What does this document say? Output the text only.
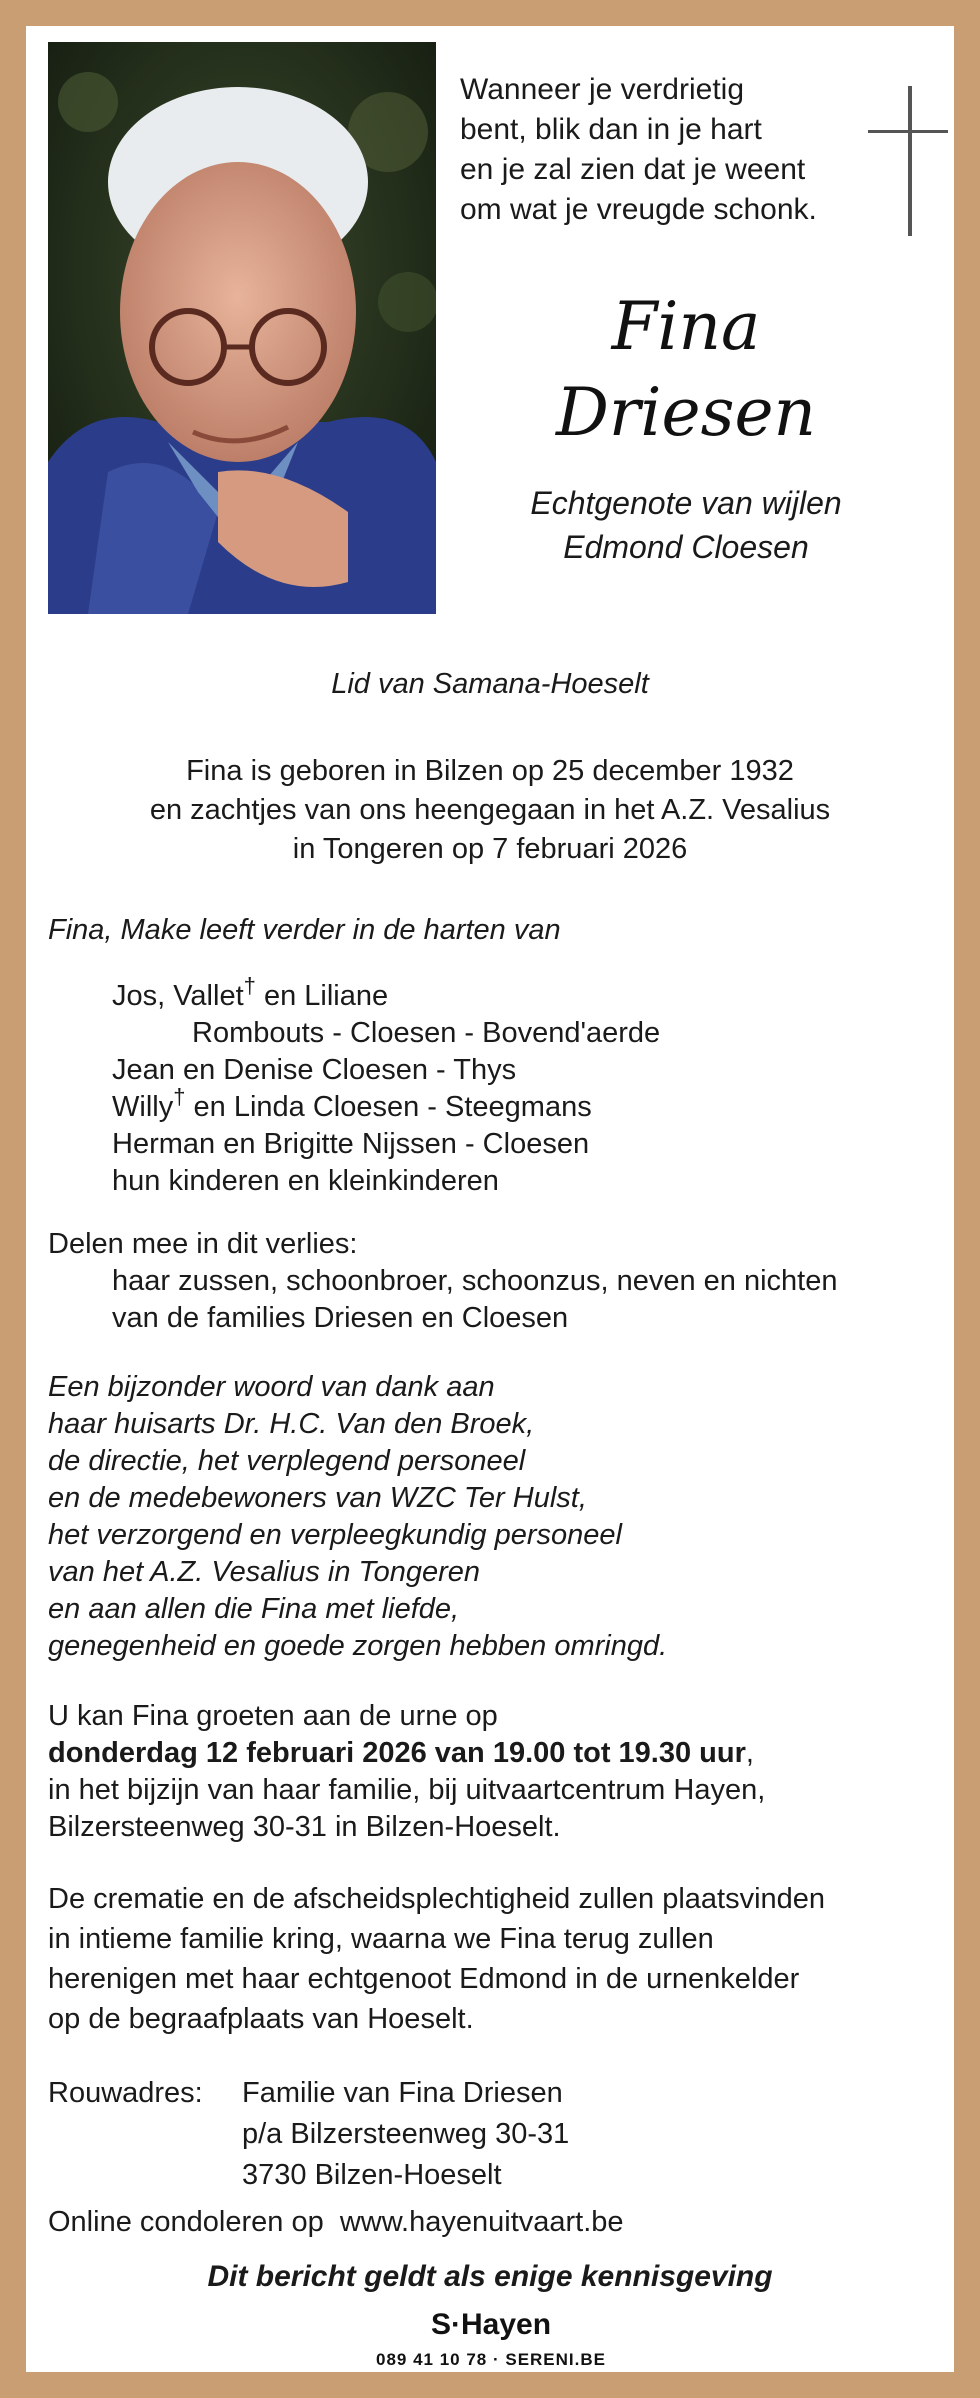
Wanneer je verdrietig
bent, blik dan in je hart
en je zal zien dat je weent
om wat je vreugde schonk.
Fina
Driesen
Echtgenote van wijlen
Edmond Cloesen
Lid van Samana-Hoeselt
Fina is geboren in Bilzen op 25 december 1932
en zachtjes van ons heengegaan in het A.Z. Vesalius
in Tongeren op 7 februari 2026
Fina, Make leeft verder in de harten van
Jos, Vallet† en Liliane
Rombouts - Cloesen - Bovend'aerde
Jean en Denise Cloesen - Thys
Willy† en Linda Cloesen - Steegmans
Herman en Brigitte Nijssen - Cloesen
hun kinderen en kleinkinderen
Delen mee in dit verlies:
haar zussen, schoonbroer, schoonzus, neven en nichten
van de families Driesen en Cloesen
Een bijzonder woord van dank aan
haar huisarts Dr. H.C. Van den Broek,
de directie, het verplegend personeel
en de medebewoners van WZC Ter Hulst,
het verzorgend en verpleegkundig personeel
van het A.Z. Vesalius in Tongeren
en aan allen die Fina met liefde,
genegenheid en goede zorgen hebben omringd.
U kan Fina groeten aan de urne op
donderdag 12 februari 2026 van 19.00 tot 19.30 uur,
in het bijzijn van haar familie, bij uitvaartcentrum Hayen,
Bilzersteenweg 30-31 in Bilzen-Hoeselt.
De crematie en de afscheidsplechtigheid zullen plaatsvinden
in intieme familie kring, waarna we Fina terug zullen
herenigen met haar echtgenoot Edmond in de urnenkelder
op de begraafplaats van Hoeselt.
Rouwadres: Familie van Fina Driesen
p/a Bilzersteenweg 30-31
3730 Bilzen-Hoeselt
Online condoleren op www.hayenuitvaart.be
Dit bericht geldt als enige kennisgeving
S·Hayen
089 41 10 78 · SERENI.BE
